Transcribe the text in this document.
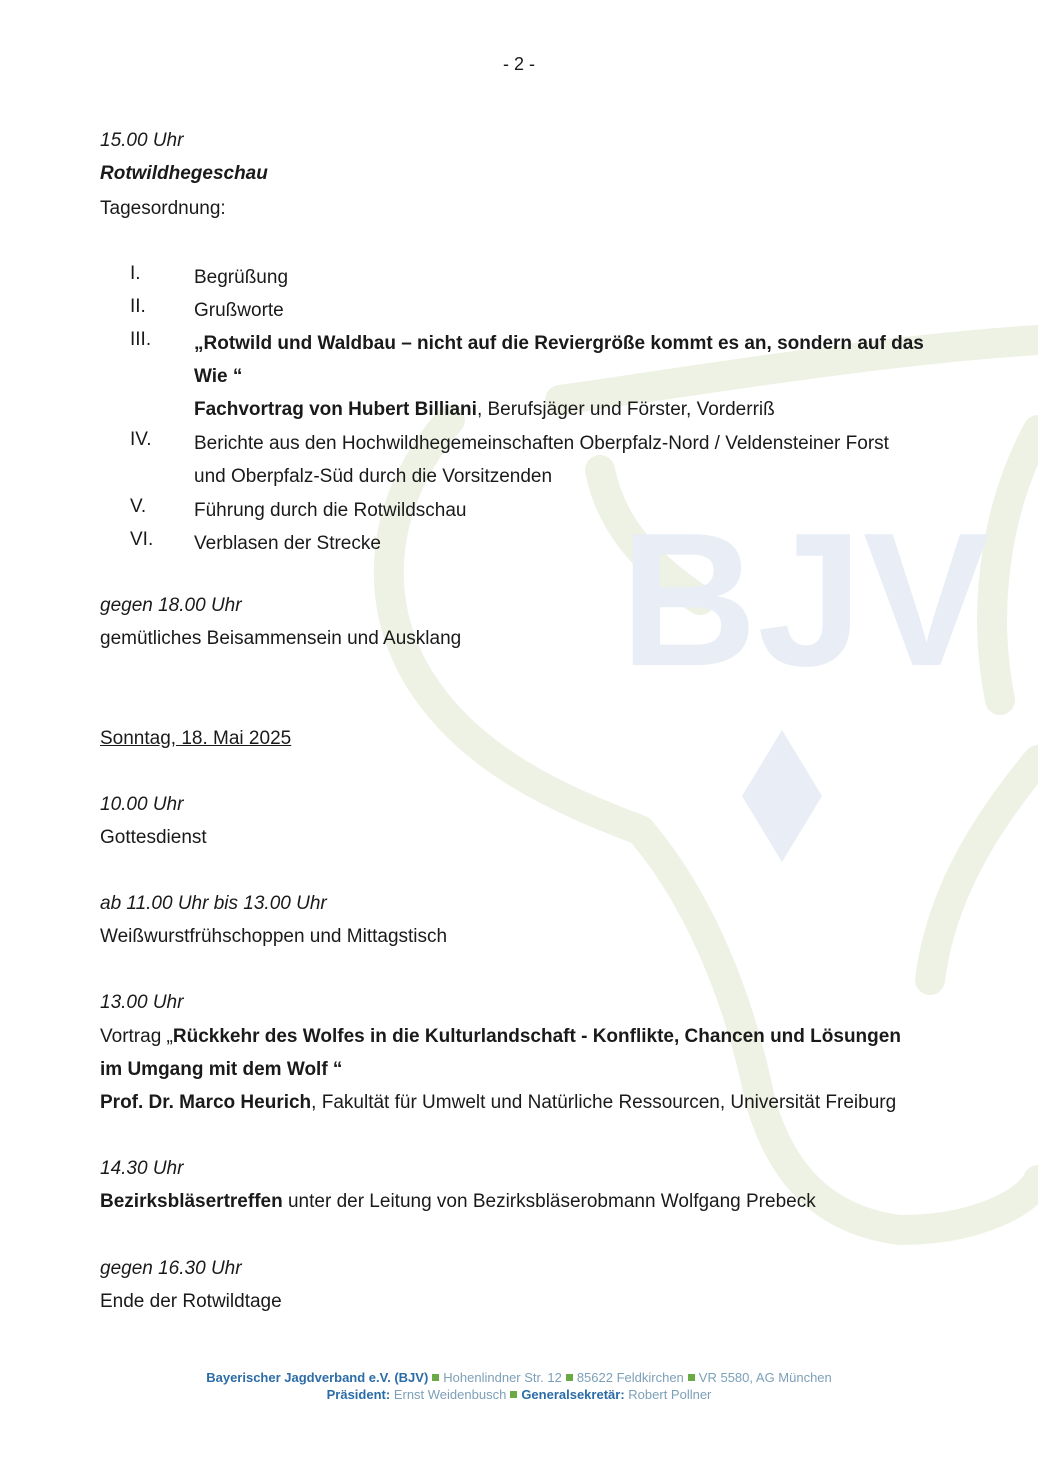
BJV
- 2 -
15.00 Uhr
Rotwildhegeschau
Tagesordnung:
I.	Begrüßung
II.	Grußworte
III.	„Rotwild und Waldbau – nicht auf die Reviergröße kommt es an, sondern auf das
Wie “
Fachvortrag von Hubert Billiani, Berufsjäger und Förster, Vorderriß
IV.	Berichte aus den Hochwildhegemeinschaften Oberpfalz-Nord / Veldensteiner Forst
und Oberpfalz-Süd durch die Vorsitzenden
V.	Führung durch die Rotwildschau
VI.	Verblasen der Strecke
gegen 18.00 Uhr
gemütliches Beisammensein und Ausklang
Sonntag, 18. Mai 2025
10.00 Uhr
Gottesdienst
ab 11.00 Uhr bis 13.00 Uhr
Weißwurstfrühschoppen und Mittagstisch
13.00 Uhr
Vortrag „Rückkehr des Wolfes in die Kulturlandschaft - Konflikte, Chancen und Lösungen
im Umgang mit dem Wolf “
Prof. Dr. Marco Heurich, Fakultät für Umwelt und Natürliche Ressourcen, Universität Freiburg
14.30 Uhr
Bezirksbläsertreffen unter der Leitung von Bezirksbläserobmann Wolfgang Prebeck
gegen 16.30 Uhr
Ende der Rotwildtage
Bayerischer Jagdverband e.V. (BJV) Hohenlindner Str. 12 85622 Feldkirchen VR 5580, AG München
Präsident: Ernst Weidenbusch Generalsekretär: Robert Pollner
